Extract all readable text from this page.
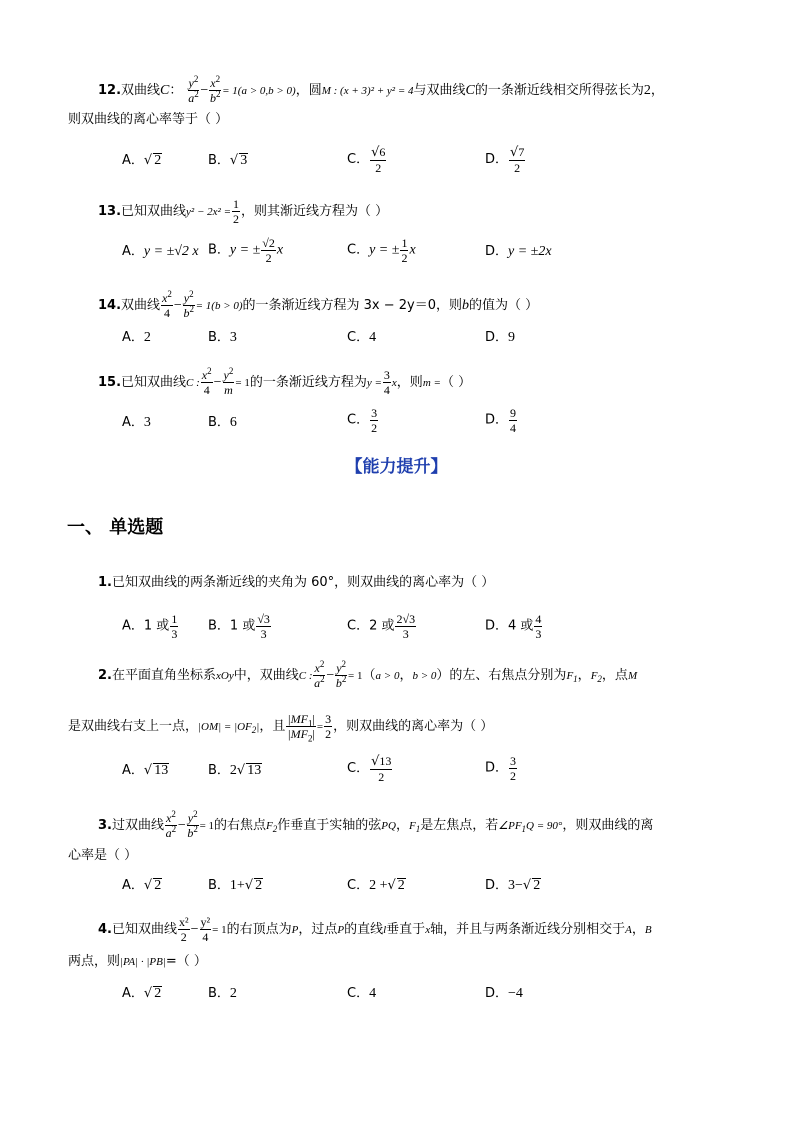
12.双曲线C： $\frac{y^2}{a^2} - \frac{x^2}{b^2} = 1(a > 0,b > 0)$，圆M : (x + 3)² + y² = 4与双曲线C的一条渐近线相交所得弦长为2，
则双曲线的离心率等于（ ）
A．√ 2	B．√ 3	C． $\frac{√6}{2}$	D． $\frac{√7}{2}$
13.已知双曲线$y^2 - 2x^2 = \frac{1}{2}$ ，则其渐近线方程为（ ）
A．y = ±√2 x B．y = ± $\frac{√2}{2}$ x	C．y = ± $\frac{1}{2}$ x	D．y = ±2x
14.双曲线 $\frac{x^2}{4} - \frac{y^2}{b^2} = 1(b > 0)$的一条渐近线方程为 3x − 2y＝0，则b的值为（ ）
A．2	B．3	C．4	D．9
15.已知双曲线C : $\frac{x^2}{4} - \frac{y^2}{m} = 1$的一条渐近线方程为$y = \frac{3}{4}$ x，则m =（ ）
A．3	B．6	C． $\frac{3}{2}$	D． $\frac{9}{4}$
【能力提升】
一、 单选题
1.已知双曲线的两条渐近线的夹角为 60°，则双曲线的离心率为（ ）
A．1 或 $\frac{1}{3}$ B．1 或 $\frac{√3}{3}$	C．2 或 $\frac{2√3}{3}$	D．4 或 $\frac{4}{3}$
2.在平面直角坐标系xOy中，双曲线C : $\frac{x^2}{a^2} - \frac{y^2}{b^2} = 1(a > 0$，b > 0）的左、右焦点分别为$F_1$，$F_2$，点M
是双曲线右支上一点，$|OM| = |OF_2|$，且 $\frac{|MF_1|}{|MF_2|} = \frac{3}{2}$ ，则双曲线的离心率为（ ）
A．√ 13	B．2√ 13	C． $\frac{√13}{2}$	D． $\frac{3}{2}$
3.过双曲线 $\frac{x^2}{a^2} - \frac{y^2}{b^2} = 1$的右焦点$F_2$作垂直于实轴的弦PQ，$F_1$是左焦点，若$\angle PF_1Q = 90^\circ$，则双曲线的离
心率是（ ）
A．√ 2	B．1+√ 2	C．2 +√ 2	D．3−√ 2
4.已知双曲线 $\frac{\text{x²}}{2} - \frac{\text{y²}}{4} = 1$的右顶点为P，过点P的直线l垂直于x轴，并且与两条渐近线分别相交于A，B
两点，则|PA| · |PB|=（ ）
A．√ 2	B．2	C．4	D．−4
